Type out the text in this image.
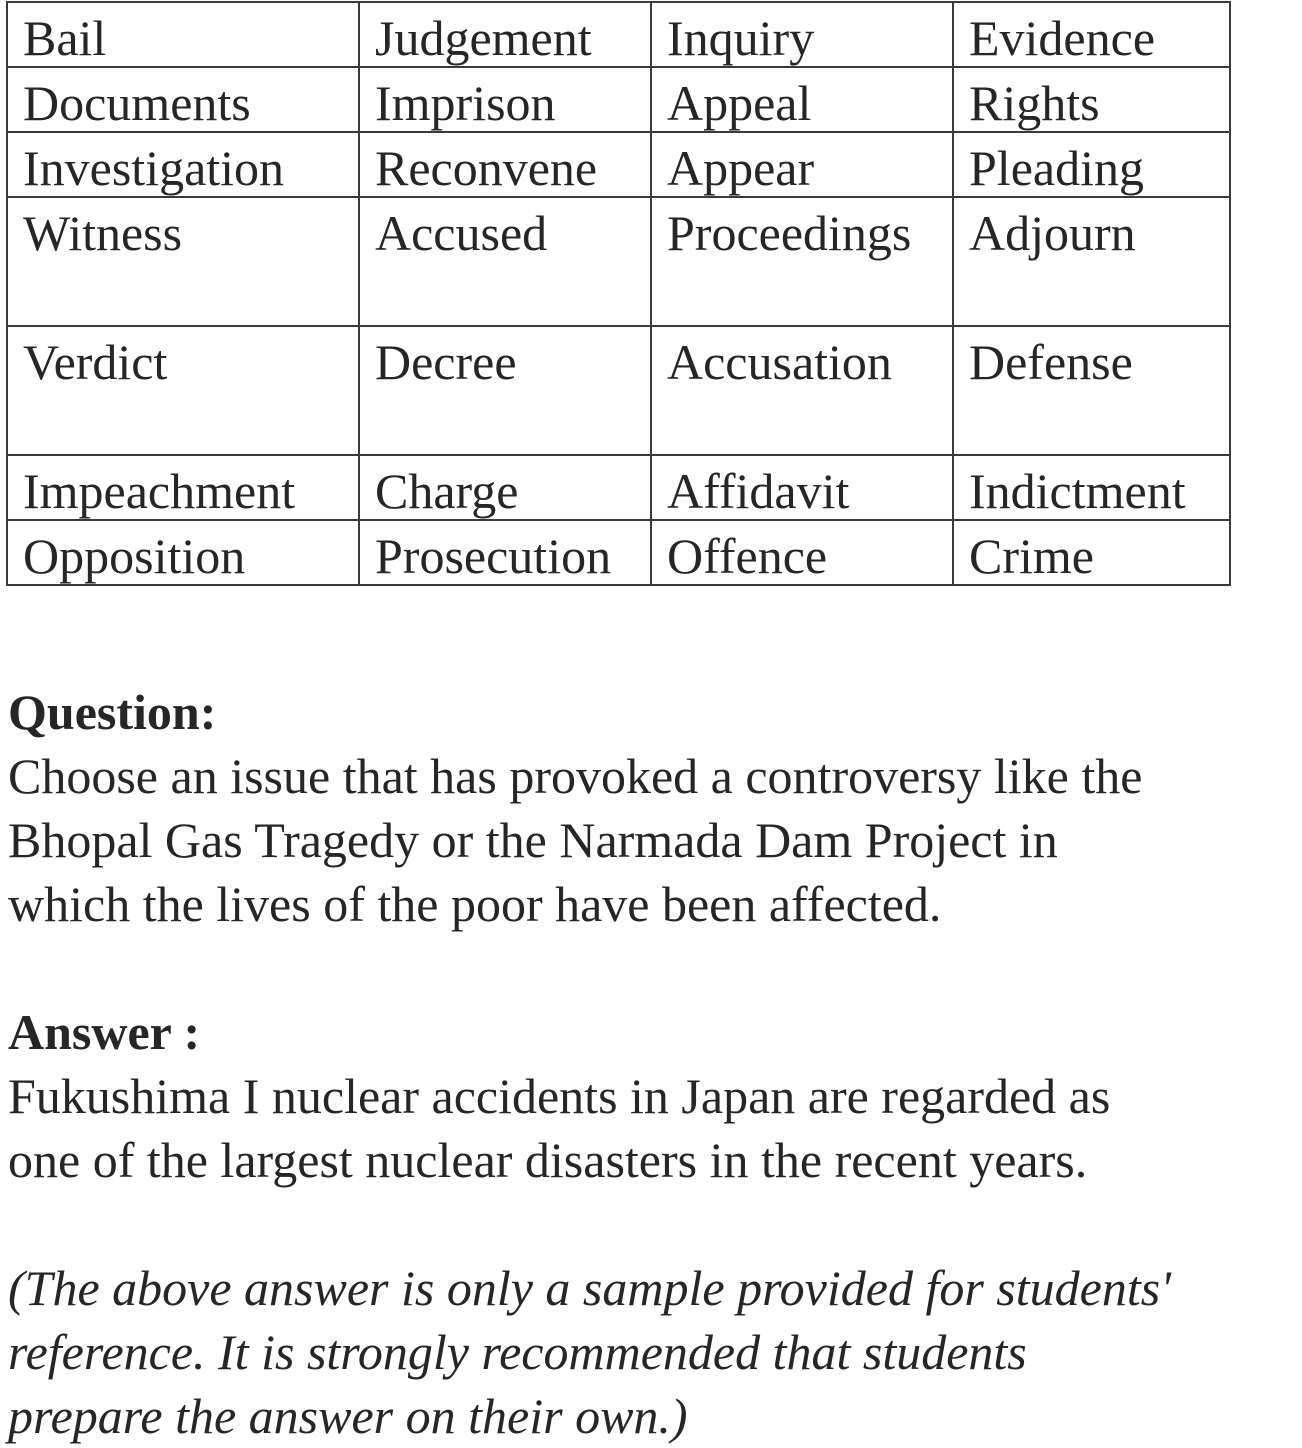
Bail	Judgement	Inquiry	Evidence
Documents	Imprison	Appeal	Rights
Investigation	Reconvene	Appear	Pleading
Witness	Accused	Proceedings	Adjourn
Verdict	Decree	Accusation	Defense
Impeachment	Charge	Affidavit	Indictment
Opposition	Prosecution	Offence	Crime
Question:
Choose an issue that has provoked a controversy like the
Bhopal Gas Tragedy or the Narmada Dam Project in
which the lives of the poor have been affected.
Answer :
Fukushima I nuclear accidents in Japan are regarded as
one of the largest nuclear disasters in the recent years.
(The above answer is only a sample provided for students'
reference. It is strongly recommended that students
prepare the answer on their own.)
